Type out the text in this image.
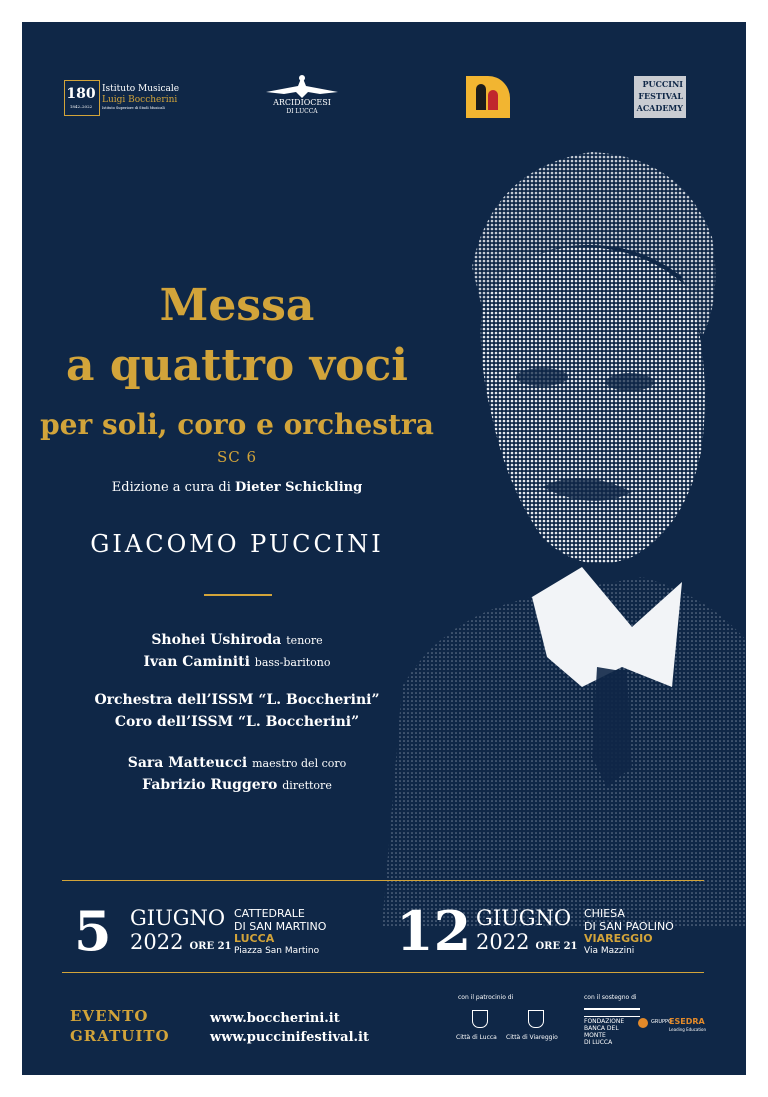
180
1842–2022
Istituto Musicale
Luigi Boccherini
Istituto Superiore di Studi Musicali
ARCIDIOCESI
DI LUCCA
PUCCINI
FESTIVAL
ACADEMY
Messa
a quattro voci
per soli, coro e orchestra
SC 6
Edizione a cura di Dieter Schickling
GIACOMO PUCCINI
Shohei Ushiroda tenore
Ivan Caminiti bass-baritono
Orchestra dell’ISSM “L. Boccherini”
Coro dell’ISSM “L. Boccherini”
Sara Matteucci maestro del coro
Fabrizio Ruggero direttore
5 GIUGNO
2022 ORE 21
CATTEDRALE
DI SAN MARTINO
LUCCA
Piazza San Martino 12 GIUGNO
2022 ORE 21
CHIESA
DI SAN PAOLINO
VIAREGGIO
Via Mazzini
EVENTO
GRATUITO
www.boccherini.it
www.puccinifestival.it
con il patrocinio di
Città di Lucca Città di Viareggio
con il sostegno di
FONDAZIONE
BANCA DEL MONTE
DI LUCCA
GRUPPO
ESEDRA
Leading Education
